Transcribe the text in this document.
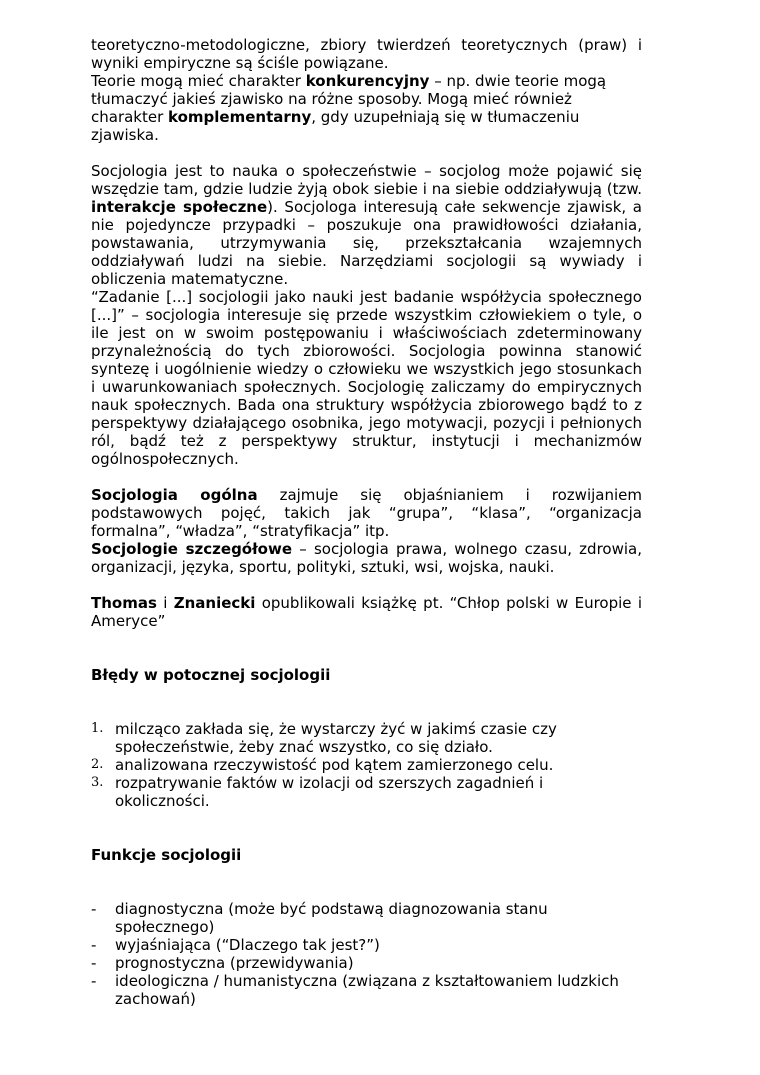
teoretyczno-metodologiczne, zbiory twierdzeń teoretycznych (praw) i wyniki empiryczne są ściśle powiązane.

Teorie mogą mieć charakter konkurencyjny – np. dwie teorie mogą tłumaczyć jakieś zjawisko na różne sposoby. Mogą mieć również charakter komplementarny, gdy uzupełniają się w tłumaczeniu zjawiska.

Socjologia jest to nauka o społeczeństwie – socjolog może pojawić się wszędzie tam, gdzie ludzie żyją obok siebie i na siebie oddziaływują (tzw. interakcje społeczne). Socjologa interesują całe sekwencje zjawisk, a nie pojedyncze przypadki – poszukuje ona prawidłowości działania, powstawania, utrzymywania się, przekształcania wzajemnych oddziaływań ludzi na siebie. Narzędziami socjologii są wywiady i obliczenia matematyczne.

“Zadanie [...] socjologii jako nauki jest badanie współżycia społecznego [...]” – socjologia interesuje się przede wszystkim człowiekiem o tyle, o ile jest on w swoim postępowaniu i właściwościach zdeterminowany przynależnością do tych zbiorowości. Socjologia powinna stanowić syntezę i uogólnienie wiedzy o człowieku we wszystkich jego stosunkach i uwarunkowaniach społecznych. Socjologię zaliczamy do empirycznych nauk społecznych. Bada ona struktury współżycia zbiorowego bądź to z perspektywy działającego osobnika, jego motywacji, pozycji i pełnionych ról, bądź też z perspektywy struktur, instytucji i mechanizmów ogólnospołecznych.

Socjologia ogólna zajmuje się objaśnianiem i rozwijaniem podstawowych pojęć, takich jak “grupa”, “klasa”, “organizacja formalna”, “władza”, “stratyfikacja” itp.

Socjologie szczegółowe – socjologia prawa, wolnego czasu, zdrowia, organizacji, języka, sportu, polityki, sztuki, wsi, wojska, nauki.

Thomas i Znaniecki opublikowali książkę pt. “Chłop polski w Europie i Ameryce”

Błędy w potocznej socjologii

1. milcząco zakłada się, że wystarczy żyć w jakimś czasie czy społeczeństwie, żeby znać wszystko, co się działo.
2. analizowana rzeczywistość pod kątem zamierzonego celu.
3. rozpatrywanie faktów w izolacji od szerszych zagadnień i okoliczności.

Funkcje socjologii

- diagnostyczna (może być podstawą diagnozowania stanu społecznego)
- wyjaśniająca (“Dlaczego tak jest?”)
- prognostyczna (przewidywania)
- ideologiczna / humanistyczna (związana z kształtowaniem ludzkich zachowań)
